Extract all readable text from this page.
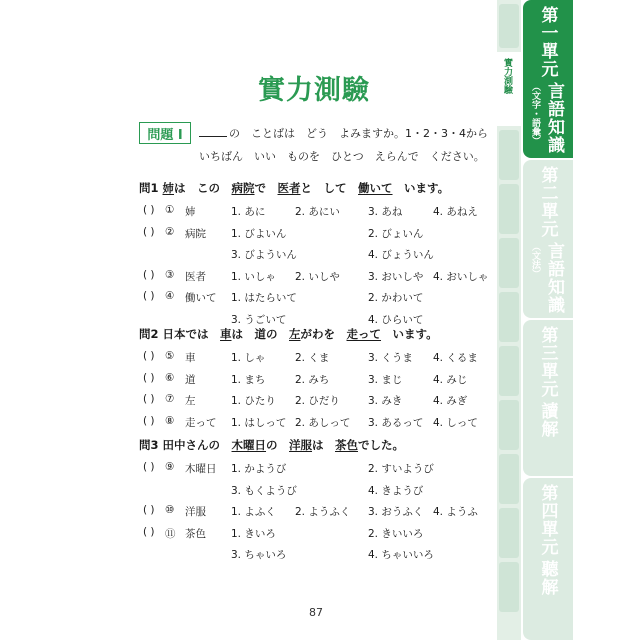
實力測驗
問題 I	の　ことばは　どう　よみますか。1・2・3・4から
いちばん　いい　ものを　ひとつ　えらんで　ください。
問1 姉は　この　病院で　医者と　して　働いて　います。
( ) ① 姉	1. あに	2. あにい	3. あね	4. あねえ
( ) ② 病院 1. びよいん	2. びょいん
3. びよういん	4. びょういん
( ) ③ 医者 1. いしゃ 2. いしや	3. おいしや 4. おいしゃ
( ) ④ 働いて 1. はたらいて	2. かわいて
3. うごいて	4. ひらいて
問2 日本では　車は　道の　左がわを　走って　います。
( ) ⑤ 車	1. しゃ	2. くま	3. くうま 4. くるま
( ) ⑥ 道	1. まち	2. みち	3. まじ	4. みじ
( ) ⑦ 左	1. ひたり 2. ひだり	3. みき	4. みぎ
( ) ⑧ 走って 1. はしって 2. あしって 3. あるって 4. しって
問3 田中さんの　木曜日の　洋服は　茶色でした。
( ) ⑨ 木曜日 1. かようび	2. すいようび
3. もくようび	4. きようび
( ) ⑩ 洋服 1. よふく 2. ようふく 3. おうふく 4. ようふ
( ) ⑪ 茶色 1. きいろ	2. きいいろ
3. ちゃいろ	4. ちゃいいろ
87
實力測驗 第一單元
言語知識
（文字・語彙）
第二單元
言語知識
（文法）
第三單元
讀解
第四單元
聽解
